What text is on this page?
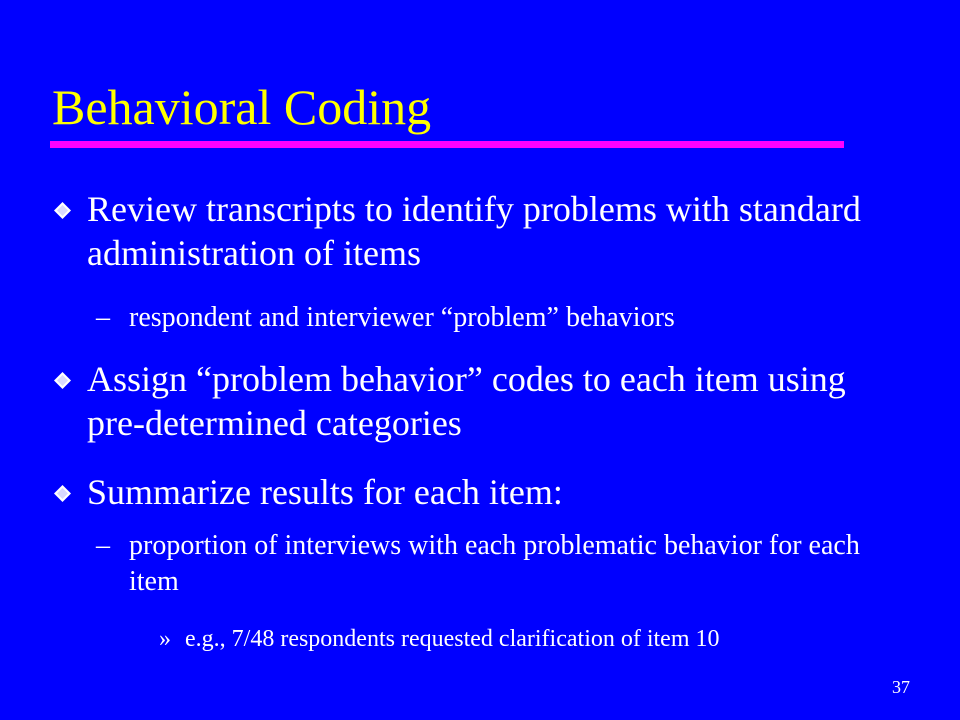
Behavioral Coding
Review transcripts to identify problems with standard administration of items
– respondent and interviewer “problem” behaviors
Assign “problem behavior” codes to each item using pre-determined categories
Summarize results for each item:
– proportion of interviews with each problematic behavior for each item
» e.g., 7/48 respondents requested clarification of item 10
37
